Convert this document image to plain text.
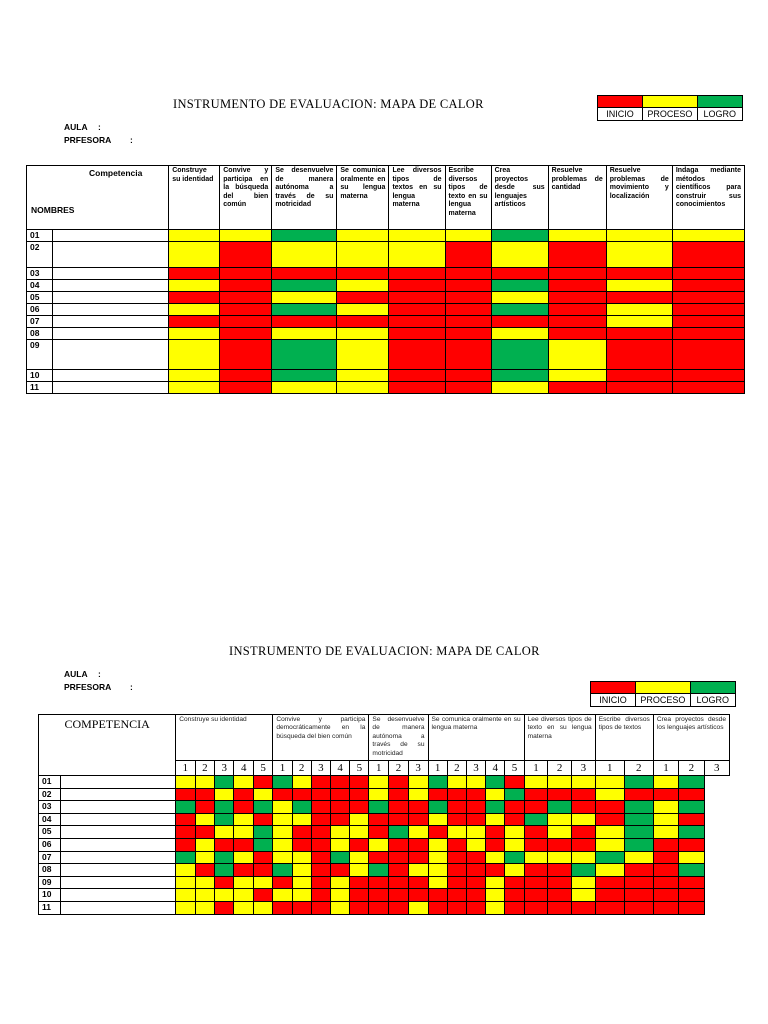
INSTRUMENTO DE EVALUACION: MAPA DE CALOR
AULA :
PRFESORA :

INICIO	PROCESO	LOGRO
Competencia
NOMBRES		Construye su identidad	Convive y participa en la búsqueda del bien común	Se desenvuelve de manera autónoma a través de su motricidad	Se comunica oralmente en su lengua materna	Lee diversos tipos de textos en su lengua materna	Escribe diversos tipos de texto en su lengua materna	Crea proyectos desde sus lenguajes artísticos	Resuelve problemas de cantidad	Resuelve problemas de movimiento y localización	Indaga mediante métodos científicos para construir sus conocimientos
01											
02											
03											
04											
05											
06											
07											
08											
09											
10											
11											
INSTRUMENTO DE EVALUACION: MAPA DE CALOR
AULA :
PRFESORA :

INICIO	PROCESO	LOGRO
COMPETENCIA		Construye su identidad					Convive y participa democráticamente en la búsqueda del bien común					Se desenvuelve de manera autónoma a través de su motricidad			Se comunica oralmente en su lengua materna					Lee diversos tipos de texto en su lengua materna			Escribe diversos tipos de textos		Crea proyectos desde los lenguajes artísticos		
		1	2	3	4	5	1	2	3	4	5	1	2	3	1	2	3	4	5	1	2	3	1	2	1	2	3
01																											
02																											
03																											
04																											
05																											
06																											
07																											
08																											
09																											
10																											
11																											
